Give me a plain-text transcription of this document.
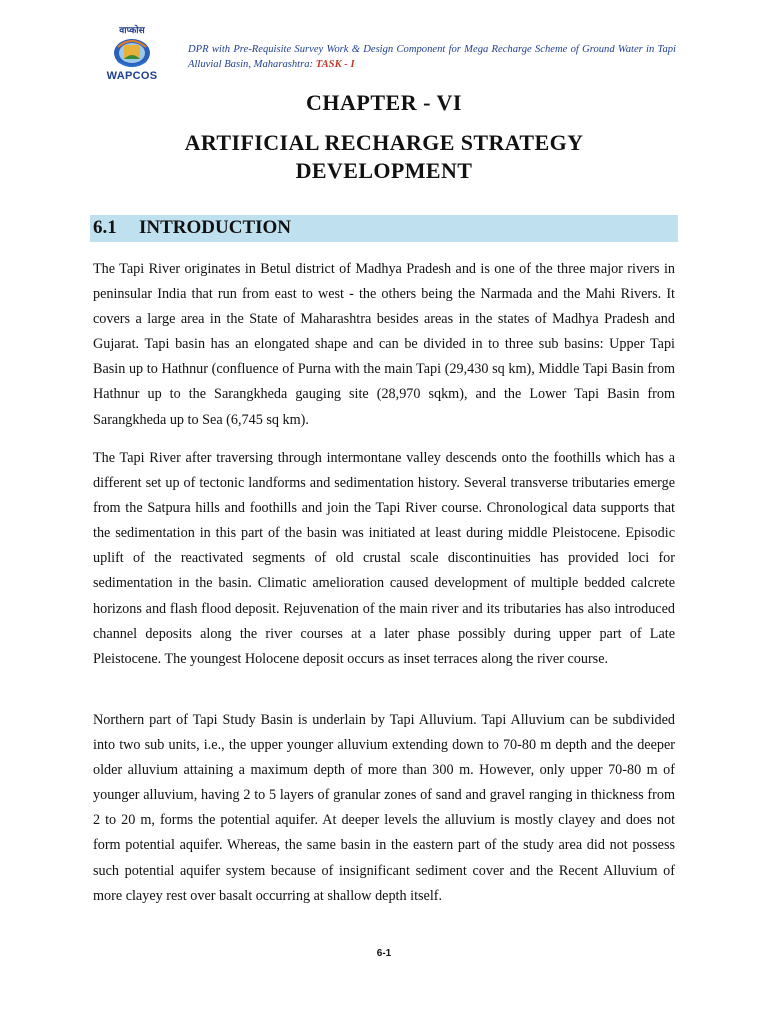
वाप्कोस
WAPCOS
DPR with Pre-Requisite Survey Work & Design Component for Mega Recharge Scheme of Ground Water in Tapi Alluvial Basin, Maharashtra: TASK - I
CHAPTER - VI
ARTIFICIAL RECHARGE STRATEGY DEVELOPMENT
6.1 INTRODUCTION

The Tapi River originates in Betul district of Madhya Pradesh and is one of the three major rivers in peninsular India that run from east to west - the others being the Narmada and the Mahi Rivers. It covers a large area in the State of Maharashtra besides areas in the states of Madhya Pradesh and Gujarat. Tapi basin has an elongated shape and can be divided in to three sub basins: Upper Tapi Basin up to Hathnur (confluence of Purna with the main Tapi (29,430 sq km), Middle Tapi Basin from Hathnur up to the Sarangkheda gauging site (28,970 sqkm), and the Lower Tapi Basin from Sarangkheda up to Sea (6,745 sq km).

The Tapi River after traversing through intermontane valley descends onto the foothills which has a different set up of tectonic landforms and sedimentation history. Several transverse tributaries emerge from the Satpura hills and foothills and join the Tapi River course. Chronological data supports that the sedimentation in this part of the basin was initiated at least during middle Pleistocene. Episodic uplift of the reactivated segments of old crustal scale discontinuities has provided loci for sedimentation in the basin. Climatic amelioration caused development of multiple bedded calcrete horizons and flash flood deposit. Rejuvenation of the main river and its tributaries has also introduced channel deposits along the river courses at a later phase possibly during upper part of Late Pleistocene. The youngest Holocene deposit occurs as inset terraces along the river course.

Northern part of Tapi Study Basin is underlain by Tapi Alluvium. Tapi Alluvium can be subdivided into two sub units, i.e., the upper younger alluvium extending down to 70-80 m depth and the deeper older alluvium attaining a maximum depth of more than 300 m. However, only upper 70-80 m of younger alluvium, having 2 to 5 layers of granular zones of sand and gravel ranging in thickness from 2 to 20 m, forms the potential aquifer. At deeper levels the alluvium is mostly clayey and does not form potential aquifer. Whereas, the same basin in the eastern part of the study area did not possess such potential aquifer system because of insignificant sediment cover and the Recent Alluvium of more clayey rest over basalt occurring at shallow depth itself.

6-1
